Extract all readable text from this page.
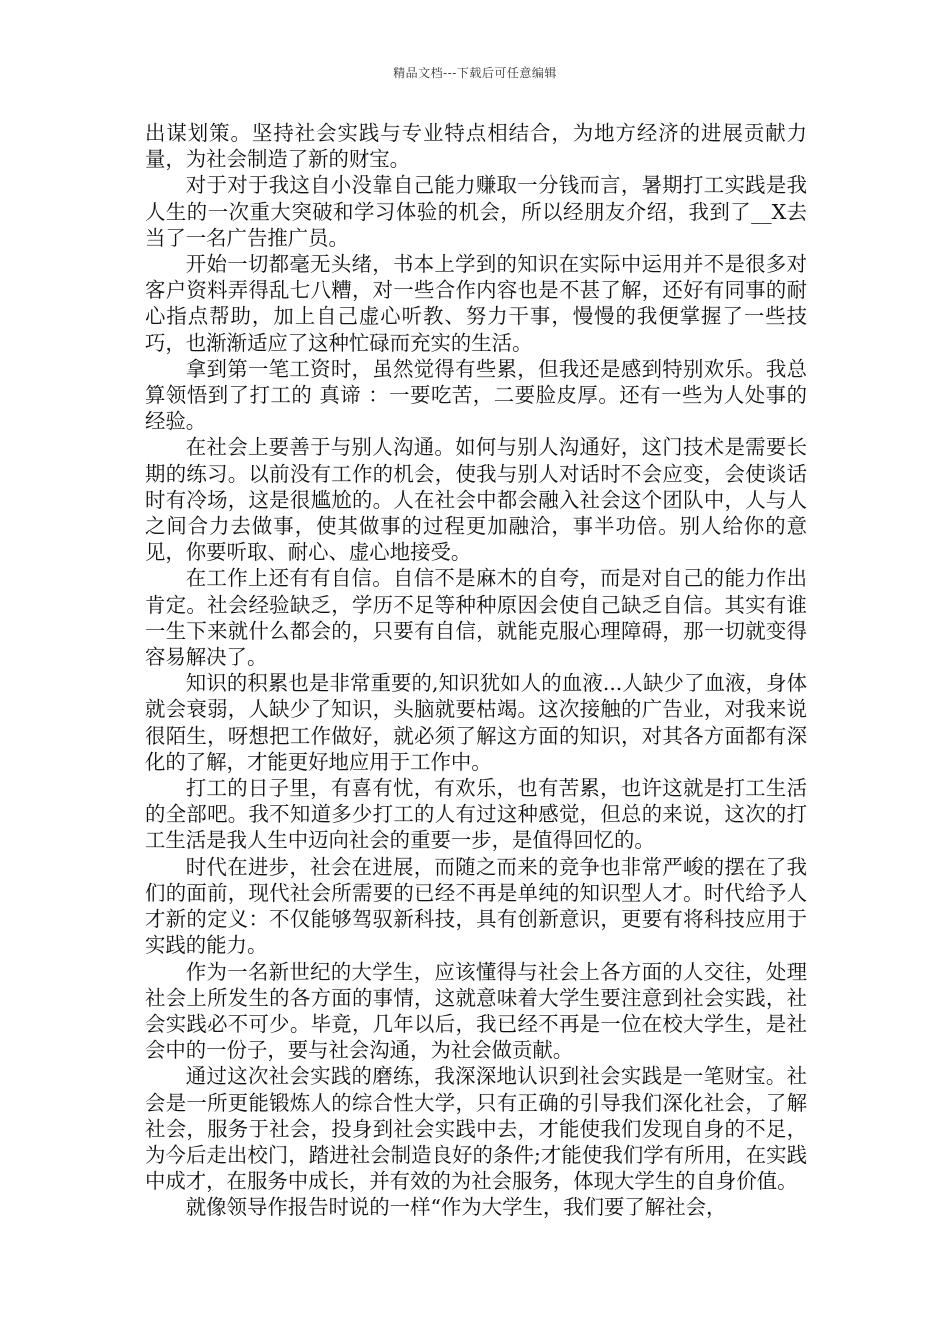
精品文档---下载后可任意编辑

出谋划策。坚持社会实践与专业特点相结合，为地方经济的进展贡献力量，为社会制造了新的财宝。

对于对于我这自小没靠自己能力赚取一分钱而言，暑期打工实践是我人生的一次重大突破和学习体验的机会，所以经朋友介绍，我到了__X去当了一名广告推广员。

开始一切都毫无头绪，书本上学到的知识在实际中运用并不是很多对客户资料弄得乱七八糟，对一些合作内容也是不甚了解，还好有同事的耐心指点帮助，加上自己虚心听教、努力干事，慢慢的我便掌握了一些技巧，也渐渐适应了这种忙碌而充实的生活。

拿到第一笔工资时，虽然觉得有些累，但我还是感到特别欢乐。我总算领悟到了打工的 真谛 ：一要吃苦，二要脸皮厚。还有一些为人处事的经验。

在社会上要善于与别人沟通。如何与别人沟通好，这门技术是需要长期的练习。以前没有工作的机会，使我与别人对话时不会应变，会使谈话时有冷场，这是很尴尬的。人在社会中都会融入社会这个团队中，人与人之间合力去做事，使其做事的过程更加融洽，事半功倍。别人给你的意见，你要听取、耐心、虚心地接受。

在工作上还有有自信。自信不是麻木的自夸，而是对自己的能力作出肯定。社会经验缺乏，学历不足等种种原因会使自己缺乏自信。其实有谁一生下来就什么都会的，只要有自信，就能克服心理障碍，那一切就变得容易解决了。

知识的积累也是非常重要的,知识犹如人的血液...人缺少了血液，身体就会衰弱，人缺少了知识，头脑就要枯竭。这次接触的广告业，对我来说很陌生，呀想把工作做好，就必须了解这方面的知识，对其各方面都有深化的了解，才能更好地应用于工作中。

打工的日子里，有喜有忧，有欢乐，也有苦累，也许这就是打工生活的全部吧。我不知道多少打工的人有过这种感觉，但总的来说，这次的打工生活是我人生中迈向社会的重要一步，是值得回忆的。

时代在进步，社会在进展，而随之而来的竞争也非常严峻的摆在了我们的面前，现代社会所需要的已经不再是单纯的知识型人才。时代给予人才新的定义：不仅能够驾驭新科技，具有创新意识，更要有将科技应用于实践的能力。

作为一名新世纪的大学生，应该懂得与社会上各方面的人交往，处理社会上所发生的各方面的事情，这就意味着大学生要注意到社会实践，社会实践必不可少。毕竟，几年以后，我已经不再是一位在校大学生，是社会中的一份子，要与社会沟通，为社会做贡献。

通过这次社会实践的磨练，我深深地认识到社会实践是一笔财宝。社会是一所更能锻炼人的综合性大学，只有正确的引导我们深化社会，了解社会，服务于社会，投身到社会实践中去，才能使我们发现自身的不足，为今后走出校门，踏进社会制造良好的条件;才能使我们学有所用，在实践中成才，在服务中成长，并有效的为社会服务，体现大学生的自身价值。

就像领导作报告时说的一样“作为大学生，我们要了解社会，
